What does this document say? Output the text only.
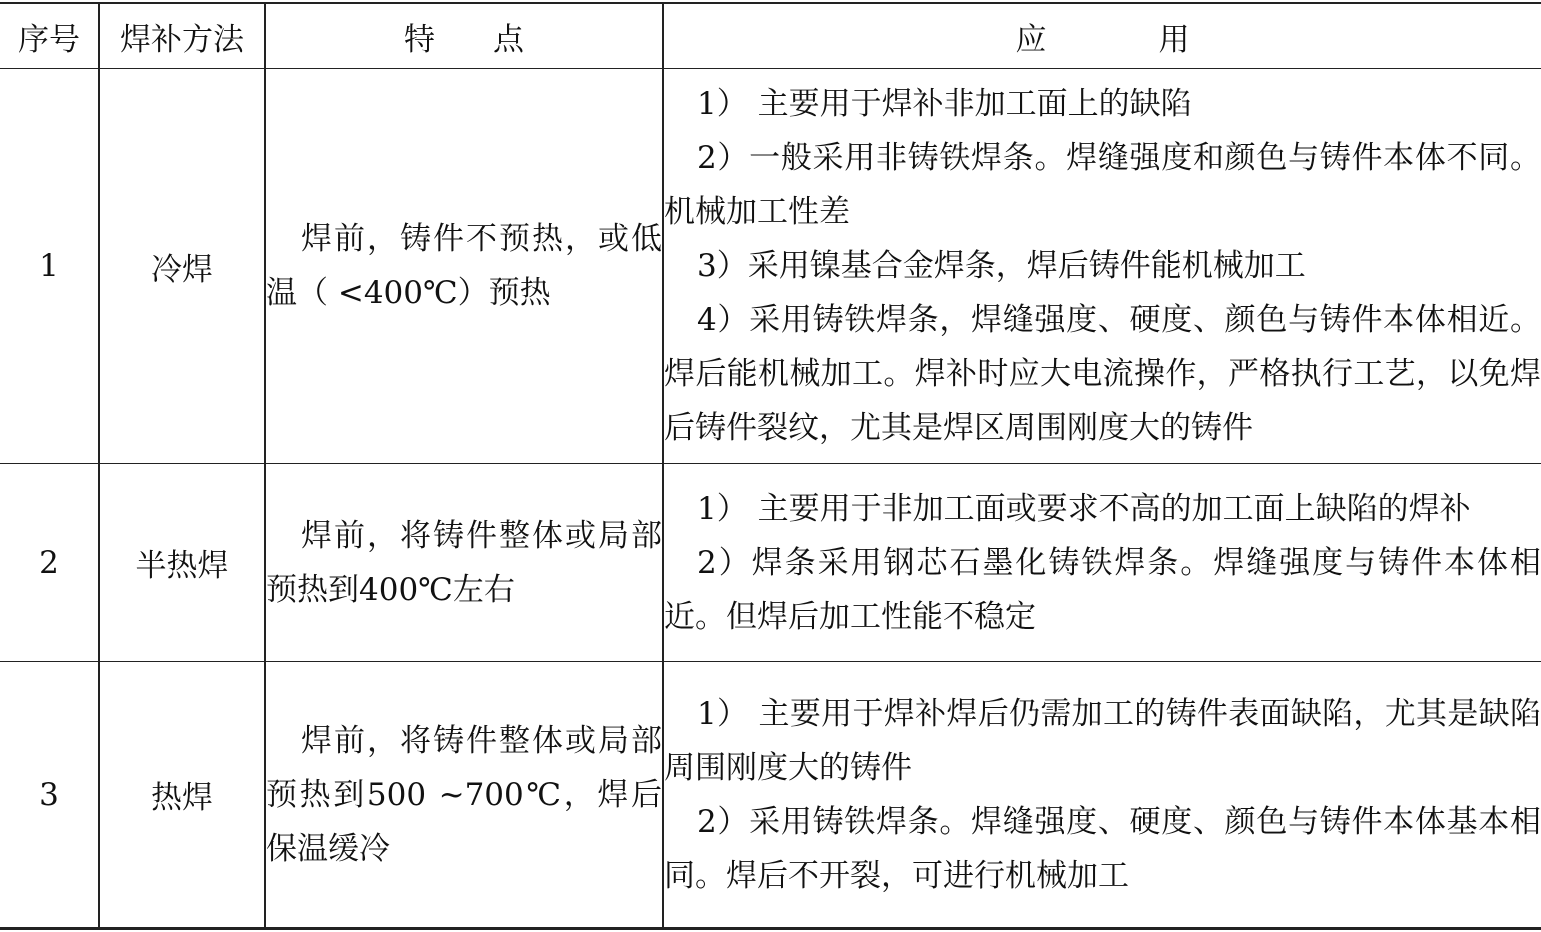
序号	焊补方法	特 点	应 用
1	冷焊	焊前，铸件不预热，或低温（ <400℃）预热	1） 主要用于焊补非加工面上的缺陷

2）一般采用非铸铁焊条。焊缝强度和颜色与铸件本体不同。机械加工性差

3）采用镍基合金焊条，焊后铸件能机械加工

4）采用铸铁焊条，焊缝强度、硬度、颜色与铸件本体相近。焊后能机械加工。焊补时应大电流操作，严格执行工艺，以免焊后铸件裂纹，尤其是焊区周围刚度大的铸件

2	半热焊	焊前，将铸件整体或局部预热到400℃左右	1） 主要用于非加工面或要求不高的加工面上缺陷的焊补

2）焊条采用钢芯石墨化铸铁焊条。焊缝强度与铸件本体相近。但焊后加工性能不稳定

3	热焊	焊前，将铸件整体或局部预热到500 ~700℃，焊后保温缓冷	1） 主要用于焊补焊后仍需加工的铸件表面缺陷，尤其是缺陷周围刚度大的铸件

2）采用铸铁焊条。焊缝强度、硬度、颜色与铸件本体基本相同。焊后不开裂，可进行机械加工
